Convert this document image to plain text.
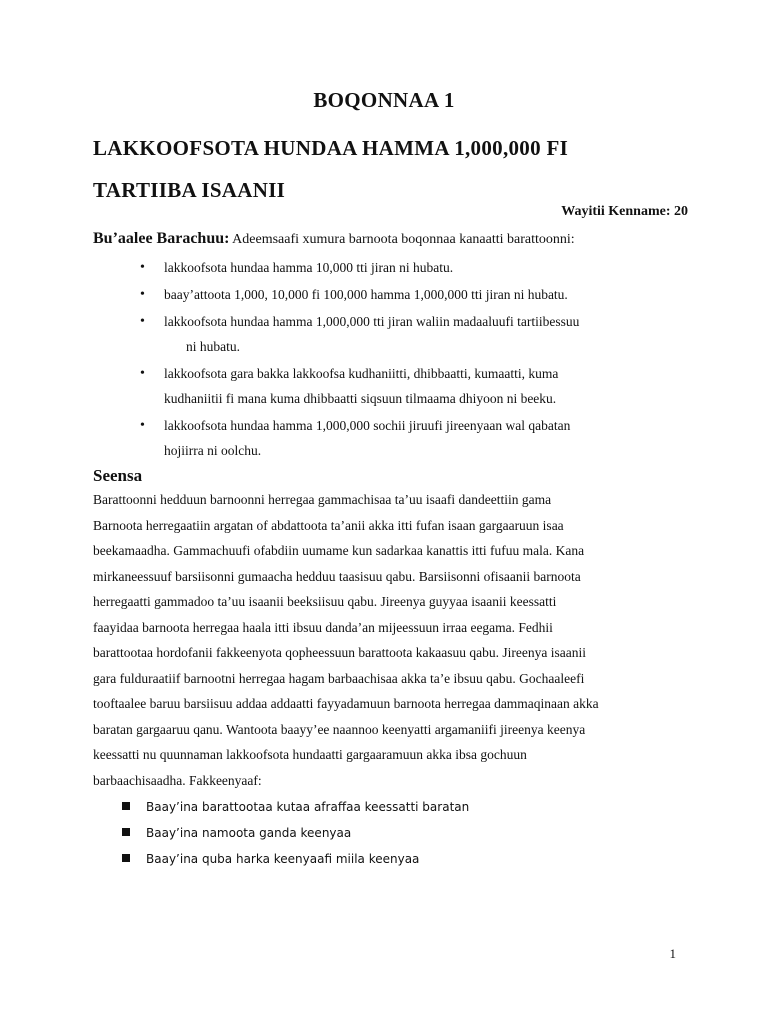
BOQONNAA 1
LAKKOOFSOTA HUNDAA HAMMA 1,000,000 FI
TARTIIBA ISAANII
Wayitii Kenname: 20
Bu’aalee Barachuu: Adeemsaafi xumura barnoota boqonnaa kanaatti barattoonni:
• lakkoofsota hundaa hamma 10,000 tti jiran ni hubatu.
• baay’attoota 1,000, 10,000 fi 100,000 hamma 1,000,000 tti jiran ni hubatu.
• lakkoofsota hundaa hamma 1,000,000 tti jiran waliin madaaluufi tartiibessuu
ni hubatu.
• lakkoofsota gara bakka lakkoofsa kudhaniitti, dhibbaatti, kumaatti, kuma
kudhaniitii fi mana kuma dhibbaatti siqsuun tilmaama dhiyoon ni beeku.
• lakkoofsota hundaa hamma 1,000,000 sochii jiruufi jireenyaan wal qabatan
hojiirra ni oolchu.
Seensa

Barattoonni hedduun barnoonni herregaa gammachisaa ta’uu isaafi dandeettiin gama
Barnoota herregaatiin argatan of abdattoota ta’anii akka itti fufan isaan gargaaruun isaa
beekamaadha. Gammachuufi ofabdiin uumame kun sadarkaa kanattis itti fufuu mala. Kana
mirkaneessuuf barsiisonni gumaacha hedduu taasisuu qabu. Barsiisonni ofisaanii barnoota
herregaatti gammadoo ta’uu isaanii beeksiisuu qabu. Jireenya guyyaa isaanii keessatti
faayidaa barnoota herregaa haala itti ibsuu danda’an mijeessuun irraa eegama. Fedhii
barattootaa hordofanii fakkeenyota qopheessuun barattoota kakaasuu qabu. Jireenya isaanii
gara fulduraatiif barnootni herregaa hagam barbaachisaa akka ta’e ibsuu qabu. Gochaaleefi
tooftaalee baruu barsiisuu addaa addaatti fayyadamuun barnoota herregaa dammaqinaan akka
baratan gargaaruu qanu. Wantoota baayy’ee naannoo keenyatti argamaniifi jireenya keenya
keessatti nu quunnaman lakkoofsota hundaatti gargaaramuun akka ibsa gochuun
barbaachisaadha. Fakkeenyaaf:

Baay’ina barattootaa kutaa afraffaa keessatti baratan
Baay’ina namoota ganda keenyaa
Baay’ina quba harka keenyaafi miila keenyaa
1
